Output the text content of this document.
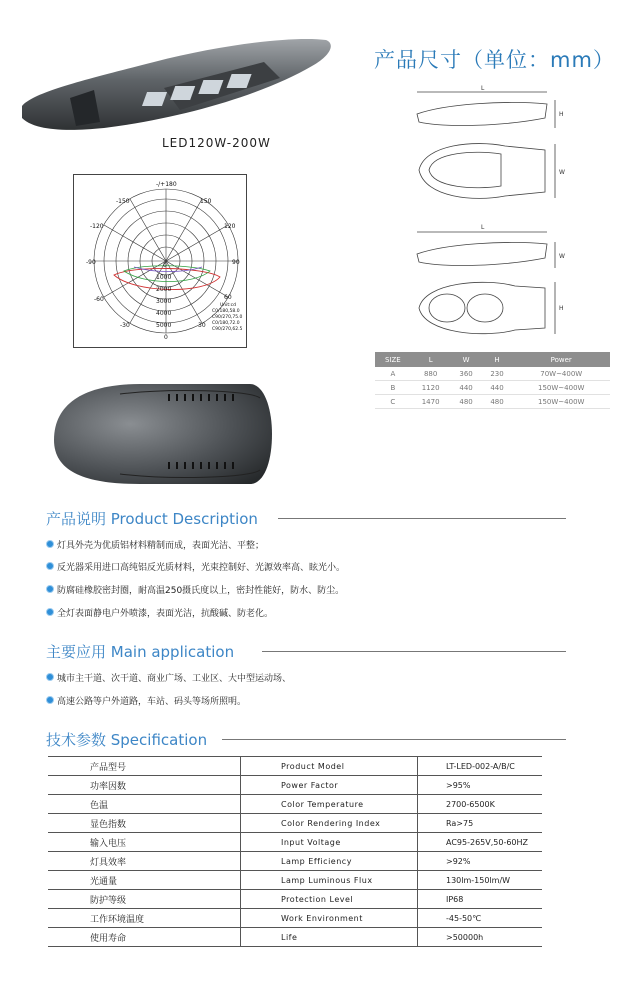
LED120W-200W
产品尺寸（单位：mm）
L
H
W
L
W
H
-/+180
-150	150
-120	120
-90	90
-60	60
-30	30
0
0
1000
2000
3000
4000
5000
Unit:cd
C0/180,58.0
C90/270,75.0
C0/180,72.0
C90/270,62.5
SIZE	L	W	H	Power
A	880	360	230	70W~400W
B	1120	440	440	150W~400W
C	1470	480	480	150W~400W
产品说明 Product Description
灯具外壳为优质铝材料精制而成，表面光洁、平整；
反光器采用进口高纯铝反光质材料，光束控制好、光源效率高、眩光小。
防腐硅橡胶密封圈，耐高温250摄氏度以上，密封性能好，防水、防尘。
全灯表面静电户外喷漆，表面光洁，抗酸碱、防老化。
主要应用 Main application
城市主干道、次干道、商业广场、工业区、大中型运动场、
高速公路等户外道路，车站、码头等场所照明。
技术参数 Specification
产品型号	Product Model	LT-LED-002-A/B/C
功率因数	Power Factor	>95%
色温	Color Temperature	2700-6500K
显色指数	Color Rendering Index	Ra>75
输入电压	Input Voltage	AC95-265V,50-60HZ
灯具效率	Lamp Efficiency	>92%
光通量	Lamp Luminous Flux	130lm-150lm/W
防护等级	Protection Level	IP68
工作环境温度	Work Environment	-45-50℃
使用寿命	Life	>50000h
